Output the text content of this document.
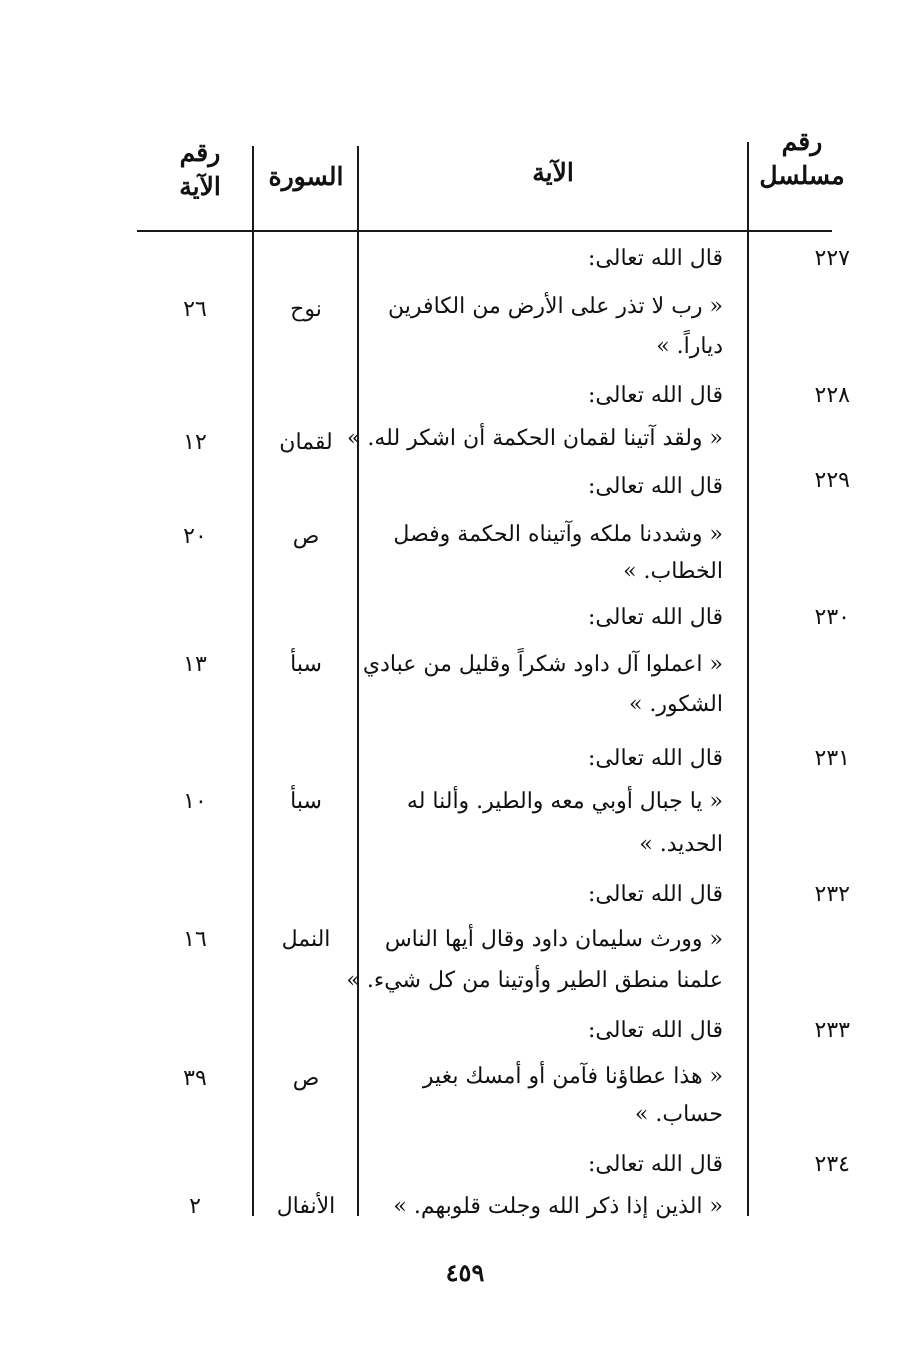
رقم
مسلسل
الآية
السورة
رقم
الآية
٢٢٧
قال الله تعالى:
« رب لا تذر على الأرض من الكافرين
دياراً. »
نوح
٢٦
٢٢٨
قال الله تعالى:
« ولقد آتينا لقمان الحكمة أن اشكر لله. »
لقمان
١٢
٢٢٩
قال الله تعالى:
« وشددنا ملكه وآتيناه الحكمة وفصل
الخطاب. »
ص
٢٠
٢٣٠
قال الله تعالى:
« اعملوا آل داود شكراً وقليل من عبادي
الشكور. »
سبأ
١٣
٢٣١
قال الله تعالى:
« يا جبال أوبي معه والطير. وألنا له
الحديد. »
سبأ
١٠
٢٣٢
قال الله تعالى:
« وورث سليمان داود وقال أيها الناس
علمنا منطق الطير وأوتينا من كل شيء. »
النمل
١٦
٢٣٣
قال الله تعالى:
« هذا عطاؤنا فآمن أو أمسك بغير
حساب. »
ص
٣٩
٢٣٤
قال الله تعالى:
« الذين إذا ذكر الله وجلت قلوبهم. »
الأنفال
٢
٤٥٩
